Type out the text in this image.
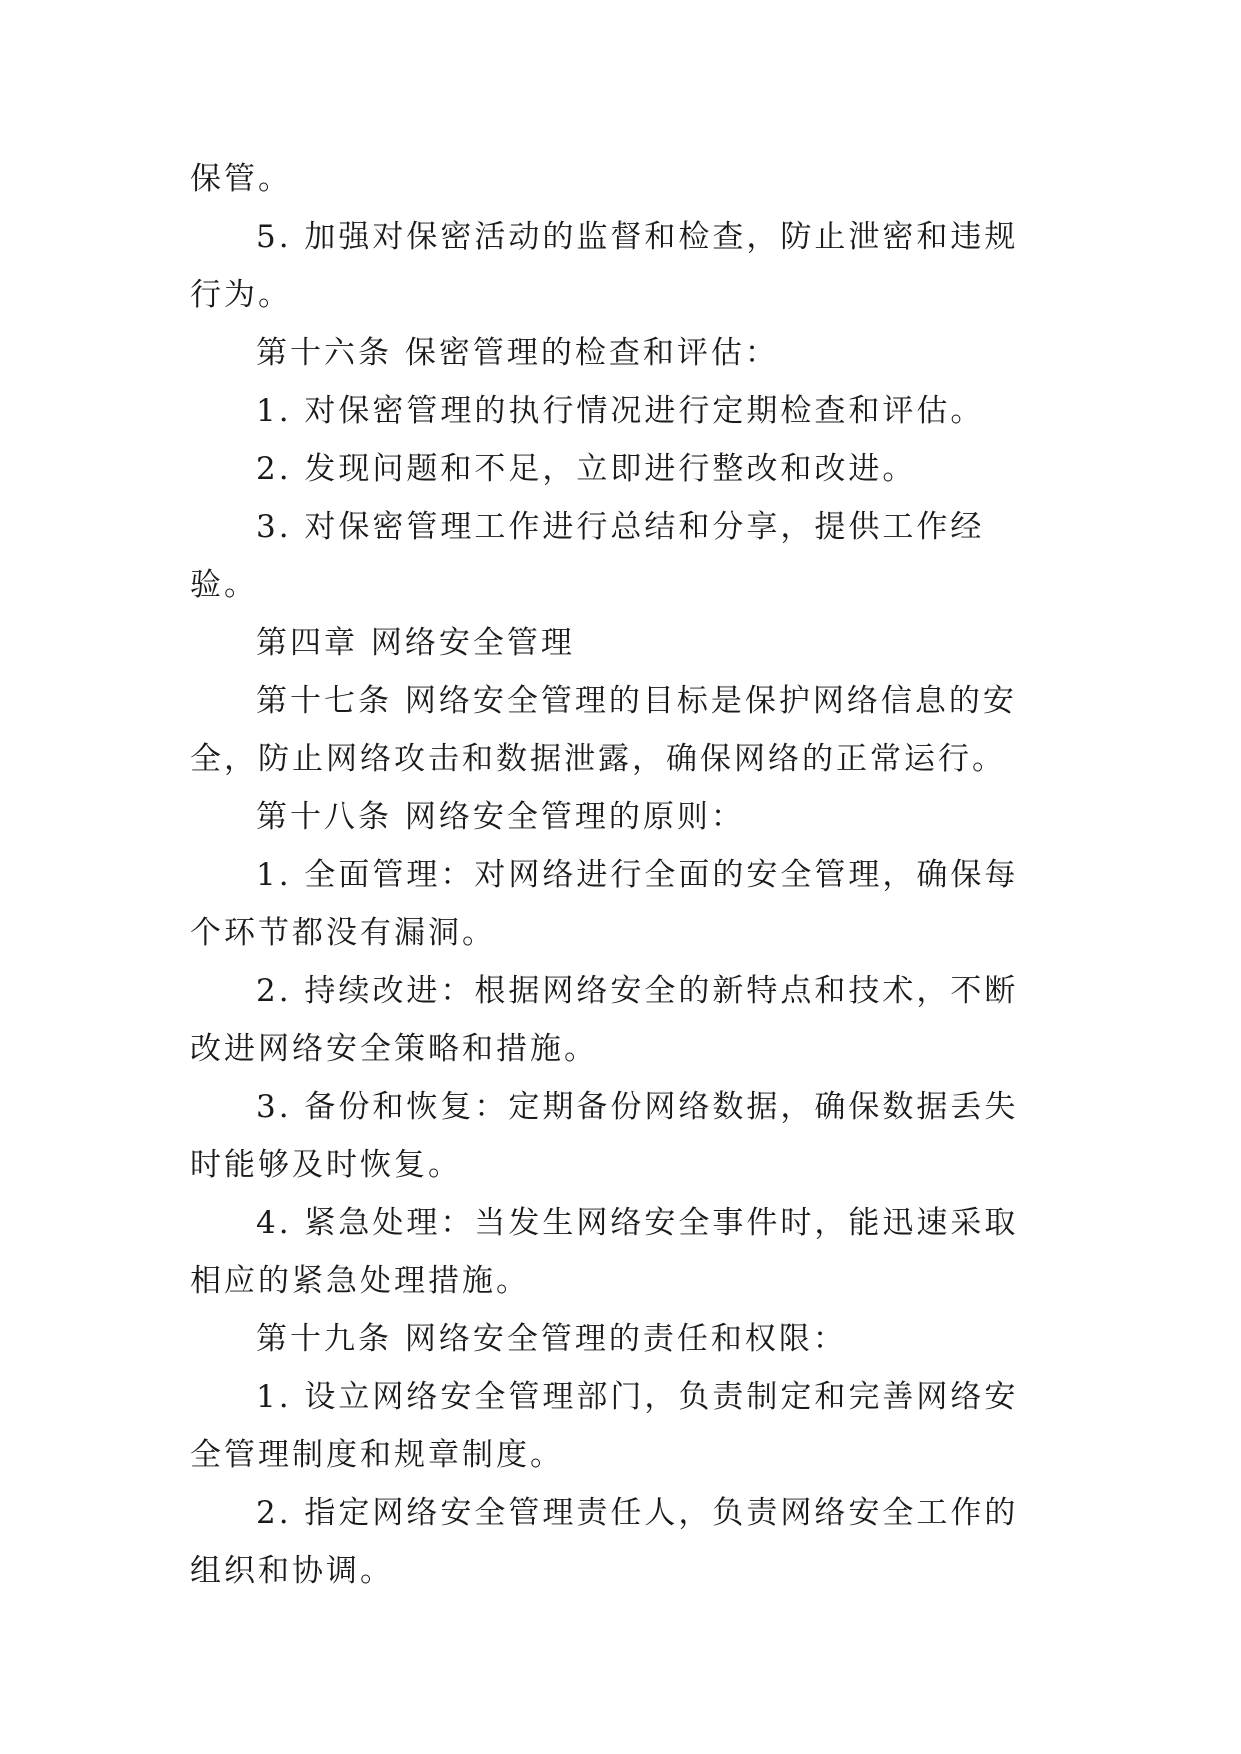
保管。

5. 加强对保密活动的监督和检查，防止泄密和违规行为。

第十六条 保密管理的检查和评估：

1. 对保密管理的执行情况进行定期检查和评估。

2. 发现问题和不足，立即进行整改和改进。

3. 对保密管理工作进行总结和分享，提供工作经验。

第四章 网络安全管理

第十七条 网络安全管理的目标是保护网络信息的安全，防止网络攻击和数据泄露，确保网络的正常运行。

第十八条 网络安全管理的原则：

1. 全面管理：对网络进行全面的安全管理，确保每个环节都没有漏洞。

2. 持续改进：根据网络安全的新特点和技术，不断改进网络安全策略和措施。

3. 备份和恢复：定期备份网络数据，确保数据丢失时能够及时恢复。

4. 紧急处理：当发生网络安全事件时，能迅速采取相应的紧急处理措施。

第十九条 网络安全管理的责任和权限：

1. 设立网络安全管理部门，负责制定和完善网络安全管理制度和规章制度。

2. 指定网络安全管理责任人，负责网络安全工作的组织和协调。
